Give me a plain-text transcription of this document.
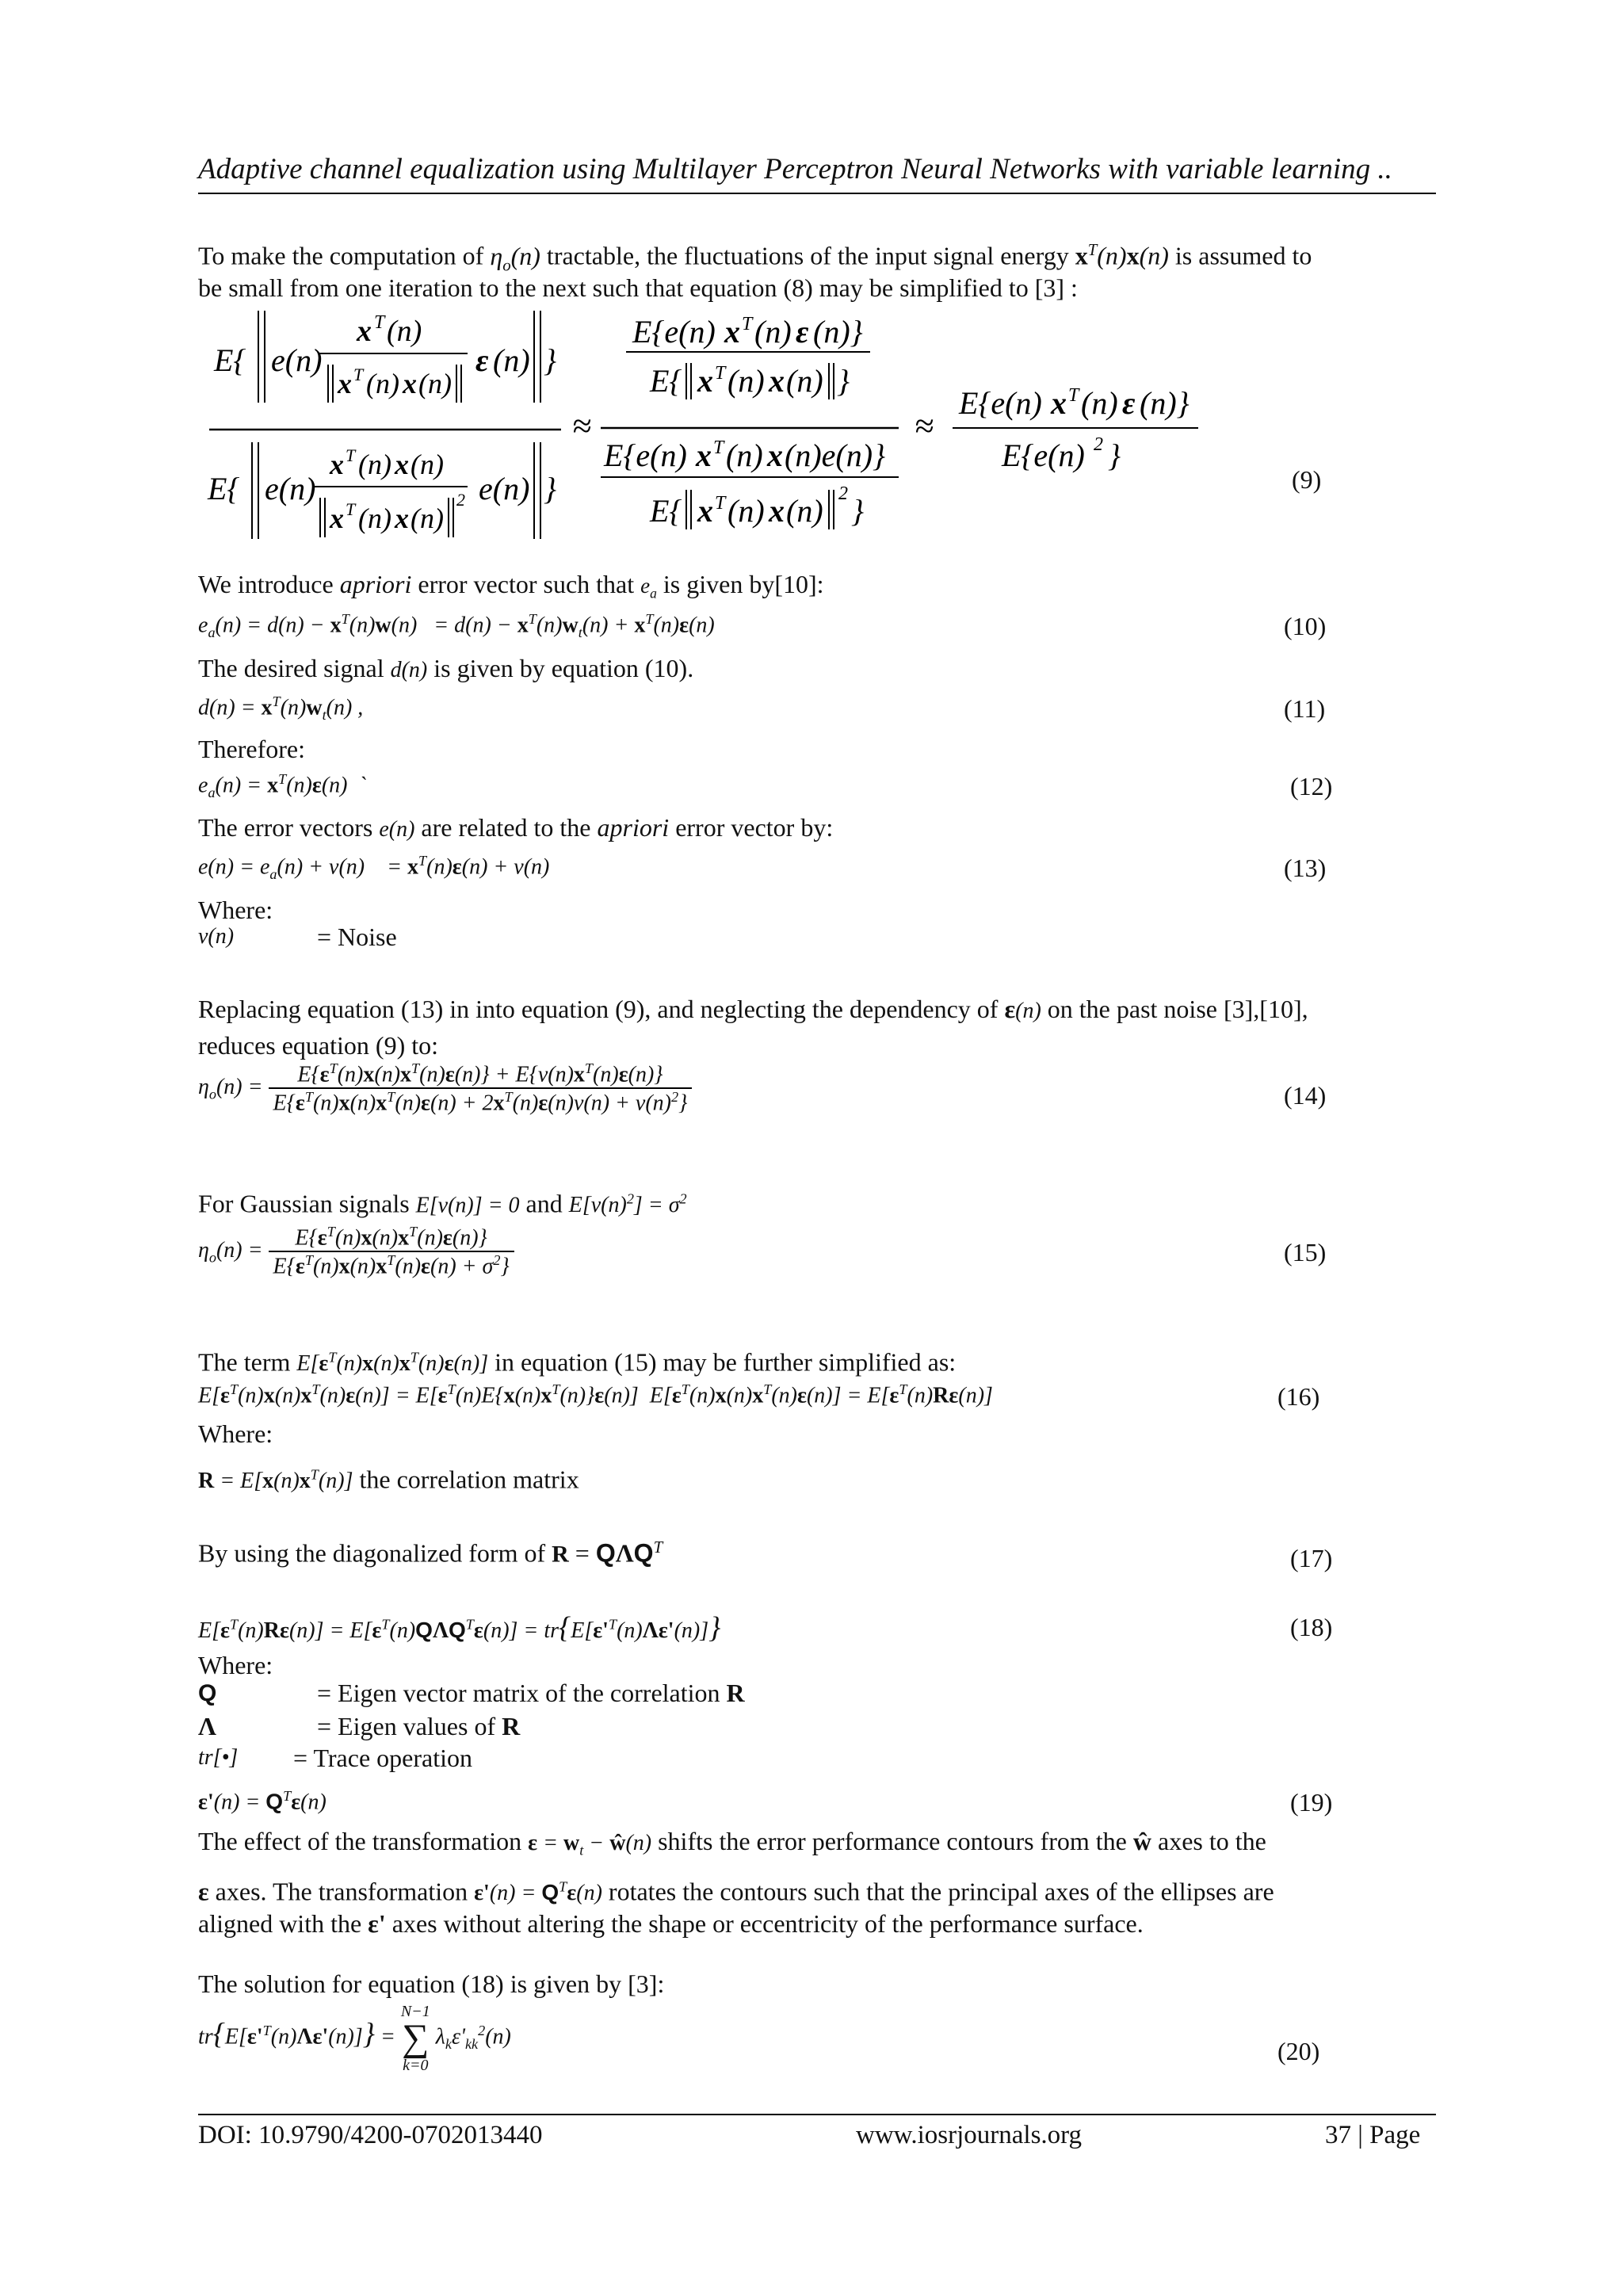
Adaptive channel equalization using Multilayer Perceptron Neural Networks with variable learning ..
To make the computation of $\eta_o(n)$ tractable, the fluctuations of the input signal energy $x^T(n)x(n)$ is assumed to
be small from one iteration to the next such that equation (8) may be simplified to [3] :
E{ e(n)
x T (n)
x T (n) x (n)
ε (n) }
E{ e(n)
x T (n) x (n)
x T (n) x (n)
2 e(n) }
≈
E{e(n) x T (n) ε (n)}
E{ x T (n) x (n) }
E{e(n) x T (n) x (n)e(n)}
E{ x T (n) x (n) 2 }
≈
E{e(n) x T (n) ε (n)}
E{e(n) 2 }
(9)
We introduce apriori error vector such that $e_a$ is given by[10]:
$e_a(n) = d(n) - x^T(n)w(n) = d(n) - x^T(n)w_t(n) + x^T(n)\varepsilon(n)$	(10)
The desired signal d(n) is given by equation (10).
$d(n) = x^T(n)w_t(n)$ ,	(11)
Therefore:
$e_a(n) = x^T(n)\varepsilon(n)$  `	(12)
The error vectors e(n) are related to the apriori error vector by:
$e(n) = e_a(n) + v(n)$    = $x^T(n)\varepsilon(n) + v(n)$	(13)
Where:
v(n)	= Noise
Replacing equation (13) in into equation (9), and neglecting the dependency of ε(n) on the past noise [3],[10],
reduces equation (9) to:
$\eta_o(n) = \frac{E\{\varepsilon^T(n)x(n)x^T(n)\varepsilon(n)\} + E\{v(n)x^T(n)\varepsilon(n)\}}{E\{\varepsilon^T(n)x(n)x^T(n)\varepsilon(n) + 2x^T(n)\varepsilon(n)v(n) + v(n)^2\}}$	(14)
For Gaussian signals E[v(n)] = 0 and $E[v(n)^2] = \sigma^2$
$\eta_o(n) = \frac{E\{\varepsilon^T(n)x(n)x^T(n)\varepsilon(n)\}}{E\{\varepsilon^T(n)x(n)x^T(n)\varepsilon(n) + \sigma^2\}}$	(15)
The term $E[\varepsilon^T(n)x(n)x^T(n)\varepsilon(n)]$ in equation (15) may be further simplified as:
$E[\varepsilon^T(n)x(n)x^T(n)\varepsilon(n)] = E[\varepsilon^T(n)E\{x(n)x^T(n)\}\varepsilon(n)] E[\varepsilon^T(n)x(n)x^T(n)\varepsilon(n)] = E[\varepsilon^T(n)R\varepsilon(n)]$	(16)
Where:
$R = E[x(n)x^T(n)]$ the correlation matrix
By using the diagonalized form of $R = Q\Lambda Q^T$	(17)
$E[\varepsilon^T(n)R\varepsilon(n)] = E[\varepsilon^T(n)Q\Lambda Q^T\varepsilon(n)] = tr\{E[\varepsilon'^T(n)\Lambda\varepsilon'(n)]\}$	(18)
Where:
Q	= Eigen vector matrix of the correlation R
Λ	= Eigen values of R
tr[•] = Trace operation
$\varepsilon'(n) = Q^T\varepsilon(n)$	(19)
The effect of the transformation $\varepsilon = w_t$ − ŵ(n) shifts the error performance contours from the ŵ axes to the
ε axes. The transformation $\varepsilon'(n) = Q^T\varepsilon(n)$ rotates the contours such that the principal axes of the ellipses are
aligned with the ε' axes without altering the shape or eccentricity of the performance surface.
The solution for equation (18) is given by [3]:
$tr\{E[\varepsilon'^T(n)\Lambda\varepsilon'(n)]\}$ =
N−1
∑
k=0
$\lambda_k\varepsilon'_{kk}^2(n)$
(20)
DOI: 10.9790/4200-0702013440	www.iosrjournals.org	37 | Page
